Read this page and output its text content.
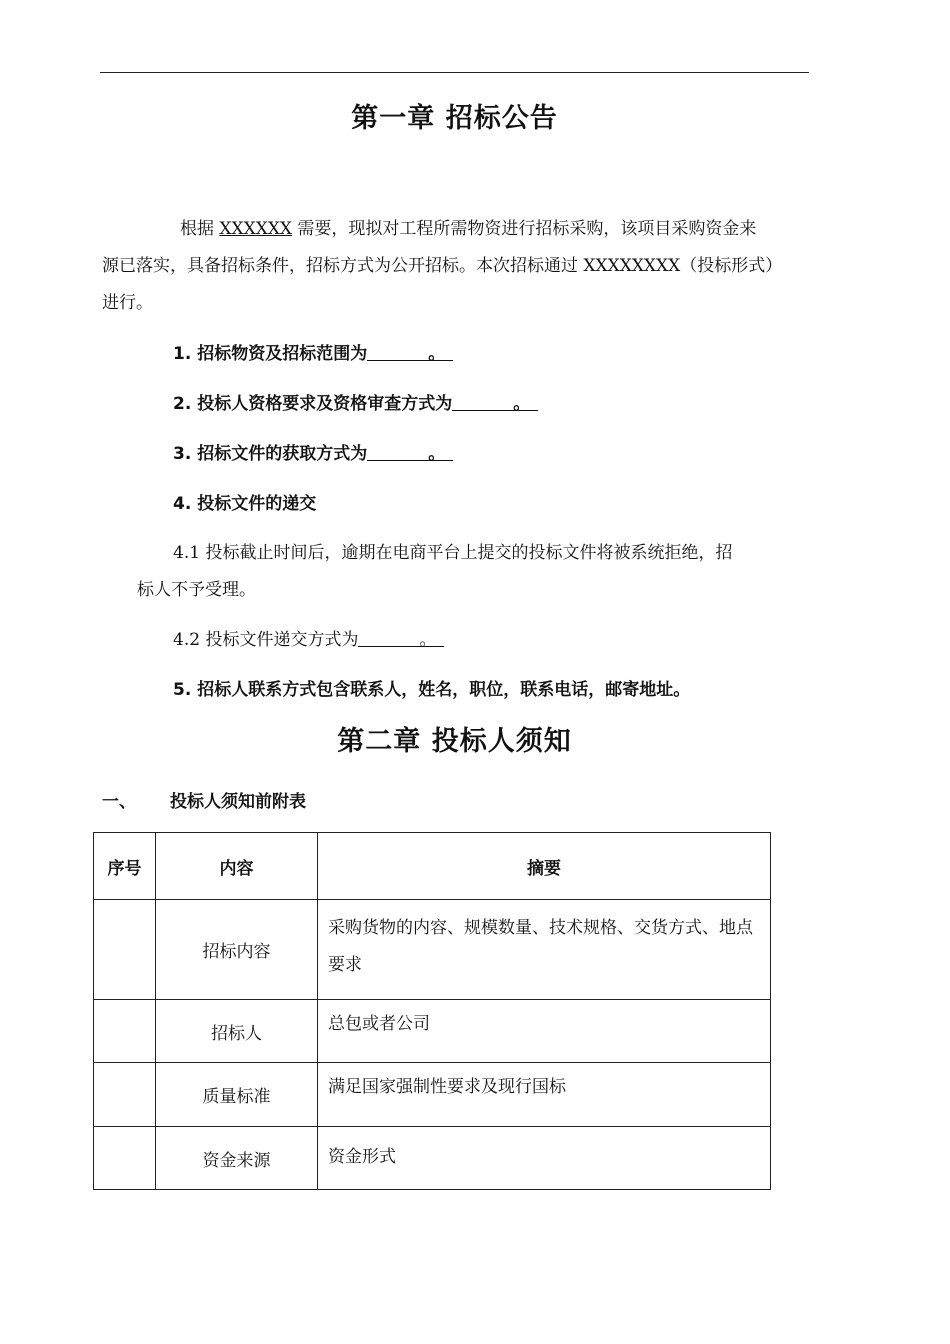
第一章 招标公告
根据 XXXXXX 需要，现拟对工程所需物资进行招标采购，该项目采购资金来
源已落实，具备招标条件，招标方式为公开招标。本次招标通过 XXXXXXXX（投标形式）
进行。
1. 招标物资及招标范围为	。
2. 投标人资格要求及资格审查方式为	。
3. 招标文件的获取方式为	。
4. 投标文件的递交
4.1 投标截止时间后，逾期在电商平台上提交的投标文件将被系统拒绝，招
标人不予受理。
4.2 投标文件递交方式为	。
5. 招标人联系方式包含联系人，姓名，职位，联系电话，邮寄地址。
第二章 投标人须知
一、 投标人须知前附表
序号	内容	摘要
	招标内容	采购货物的内容、规模数量、技术规格、交货方式、地点要求
	招标人	总包或者公司
	质量标准	满足国家强制性要求及现行国标
	资金来源	资金形式
